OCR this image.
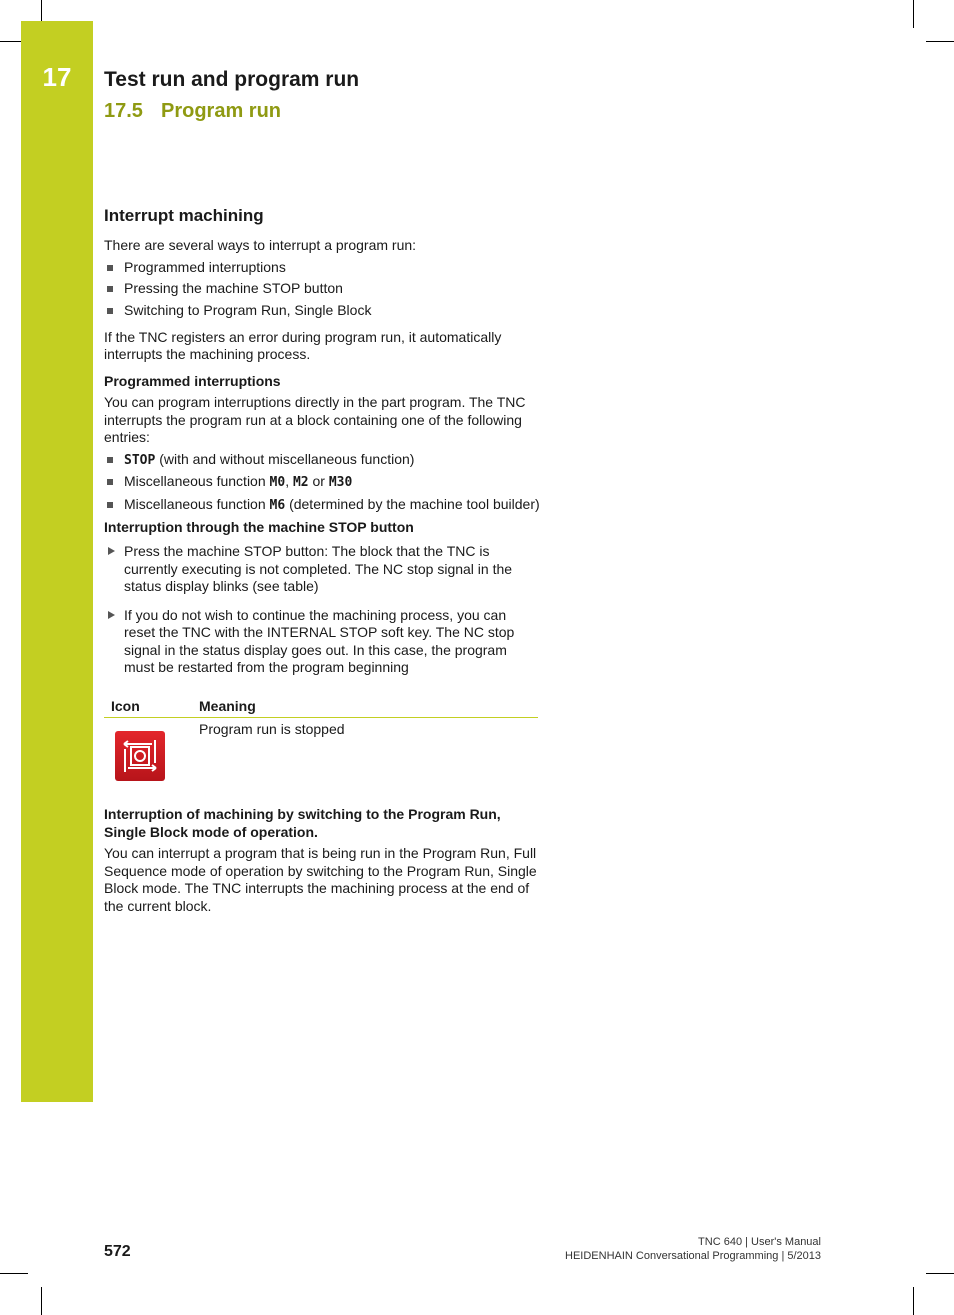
17	Test run and program run
17.5 Program run
Interrupt machining

There are several ways to interrupt a program run:

Programmed interruptions
Pressing the machine STOP button
Switching to Program Run, Single Block

If the TNC registers an error during program run, it automatically interrupts the machining process.

Programmed interruptions

You can program interruptions directly in the part program. The TNC interrupts the program run at a block containing one of the following entries:

STOP (with and without miscellaneous function)
Miscellaneous function M0, M2 or M30
Miscellaneous function M6 (determined by the machine tool builder)
Interruption through the machine STOP button
Press the machine STOP button: The block that the TNC is currently executing is not completed. The NC stop signal in the status display blinks (see table)
If you do not wish to continue the machining process, you can reset the TNC with the INTERNAL STOP soft key. The NC stop signal in the status display goes out. In this case, the program must be restarted from the program beginning
Icon	Meaning

	Program run is stopped
Interruption of machining by switching to the Program Run, Single Block mode of operation.

You can interrupt a program that is being run in the Program Run, Full Sequence mode of operation by switching to the Program Run, Single Block mode. The TNC interrupts the machining process at the end of the current block.

572
TNC 640 | User's Manual
HEIDENHAIN Conversational Programming | 5/2013
